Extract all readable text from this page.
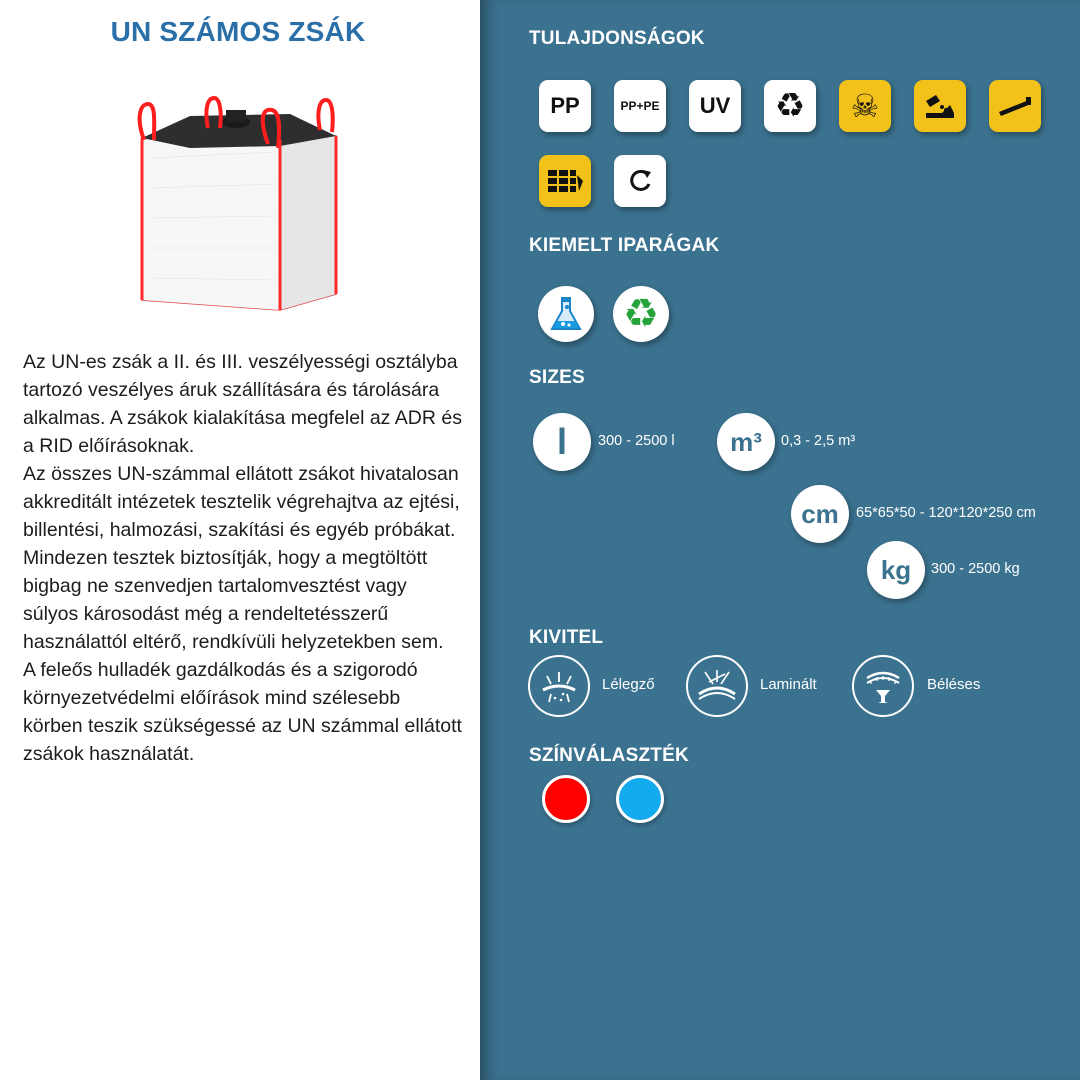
UN SZÁMOS ZSÁK

Az UN-es zsák a II. és III. veszélyességi osztályba tartozó veszélyes áruk szállítására és tárolására alkalmas. A zsákok kialakítása megfelel az ADR és a RID előírásoknak.

Az összes UN-számmal ellátott zsákot hivatalosan akkreditált intézetek tesztelik végrehajtva az ejtési, billentési, halmozási, szakítási és egyéb próbákat. Mindezen tesztek biztosítják, hogy a megtöltött bigbag ne szenvedjen tartalomvesztést vagy súlyos károsodást még a rendeltetésszerű használattól eltérő, rendkívüli helyzetekben sem.

A feleős hulladék gazdálkodás és a szigorodó környezetvédelmi előírások mind szélesebb körben teszik szükségessé az UN számmal ellátott zsákok használatát.

TULAJDONSÁGOK
PP	PP+PE UV ♻ ☠
KIEMELT IPARÁGAK
♻
SIZES
l 300 - 2500 l m³ 0,3 - 2,5 m³
cm 65*65*50 - 120*120*250 cm
kg 300 - 2500 kg
KIVITEL
Lélegző	Laminált	Béléses
SZÍNVÁLASZTÉK
